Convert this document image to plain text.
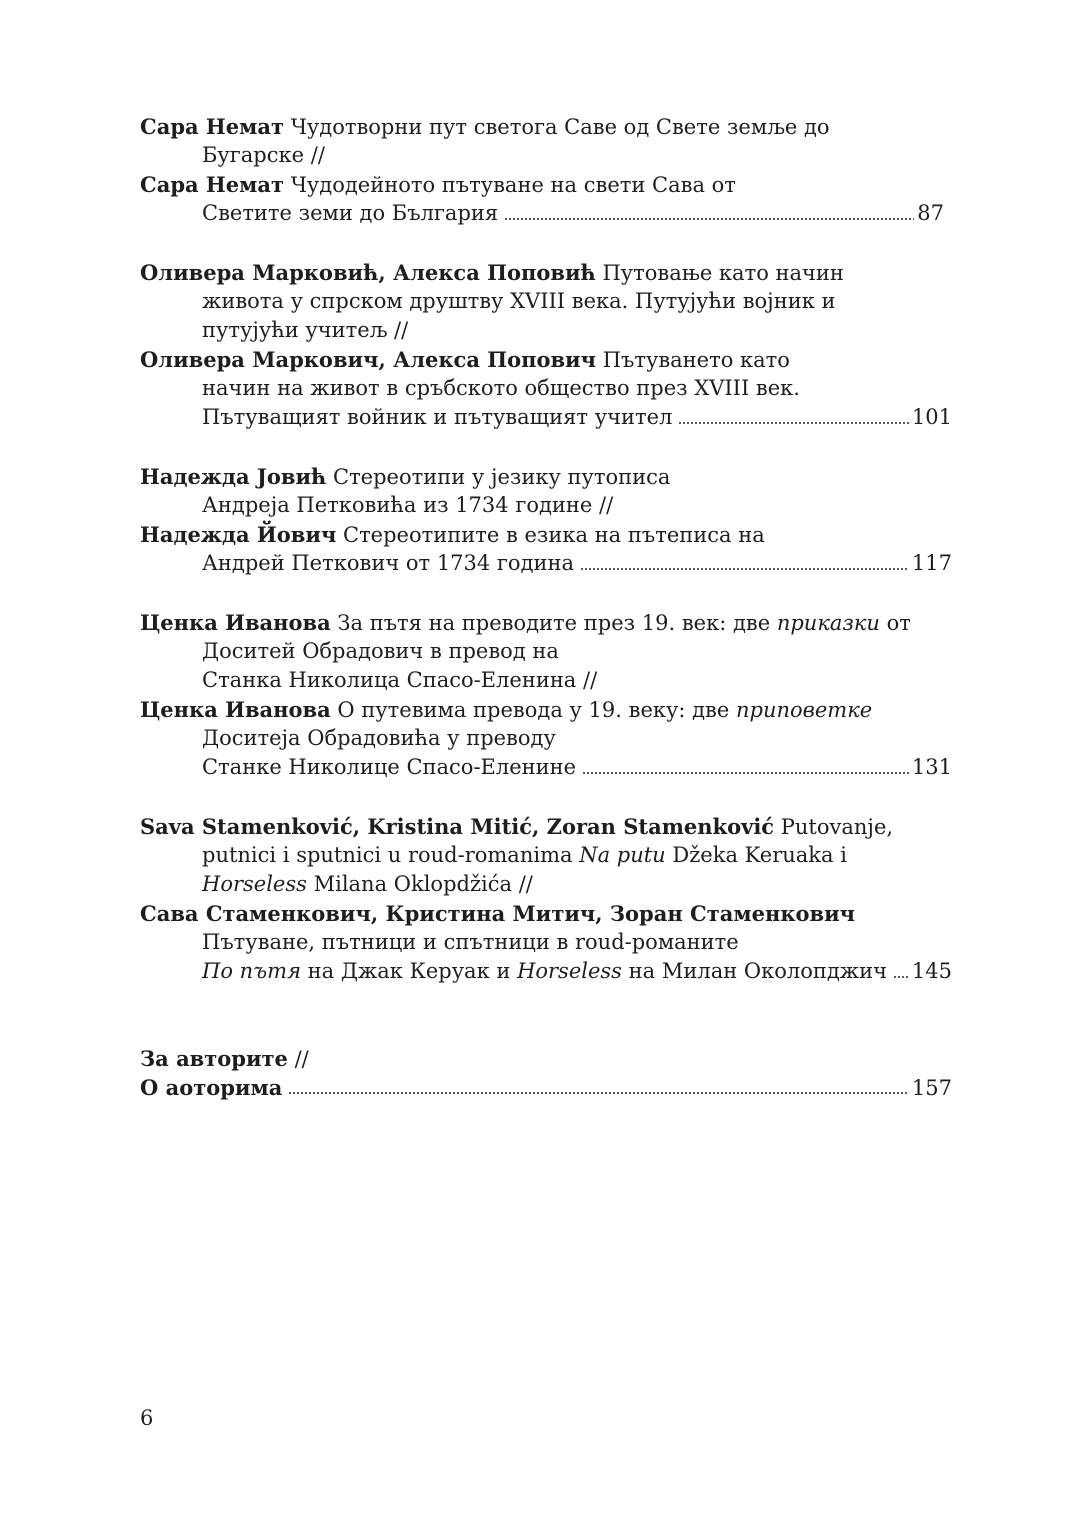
Сара Немат Чудотворни пут светога Саве од Свете земље до
Бугарске //
Сара Немат Чудодейното пътуване на свети Сава от
Светите земи до България	87
Оливера Марковић, Алекса Поповић Путовање като начин
живота у спрском друштву XVIII века. Путујући војник и
путујући учитељ //
Оливера Маркович, Алекса Попович Пътуването като
начин на живот в сръбското общество през XVIII век.
Пътуващият войник и пътуващият учител	101
Надежда Јовић Стереотипи у језику путописа
Андреја Петковића из 1734 године //
Надежда Йович Стереотипите в езика на пътеписа на
Андрей Петкович от 1734 година	117
Ценка Иванова За пътя на преводите през 19. век: две приказки от
Доситей Обрадович в превод на
Станка Николица Спасо-Еленина //
Ценка Иванова О путевима превода у 19. веку: две приповетке
Доситеја Обрадовића у преводу
Станке Николице Спасо-Еленине	131
Sava Stamenković, Kristina Mitić, Zoran Stamenković Putovanje,
putnici i sputnici u roud-romanima Na putu Džeka Keruaka i
Horseless Milana Oklopdžića //
Сава Стаменкович, Кристина Митич, Зоран Стаменкович
Пътуване, пътници и спътници в roud-романите
По пътя на Джак Керуак и Horseless на Милан Околопджич 145
За авторите //
О аоторима	157
6
